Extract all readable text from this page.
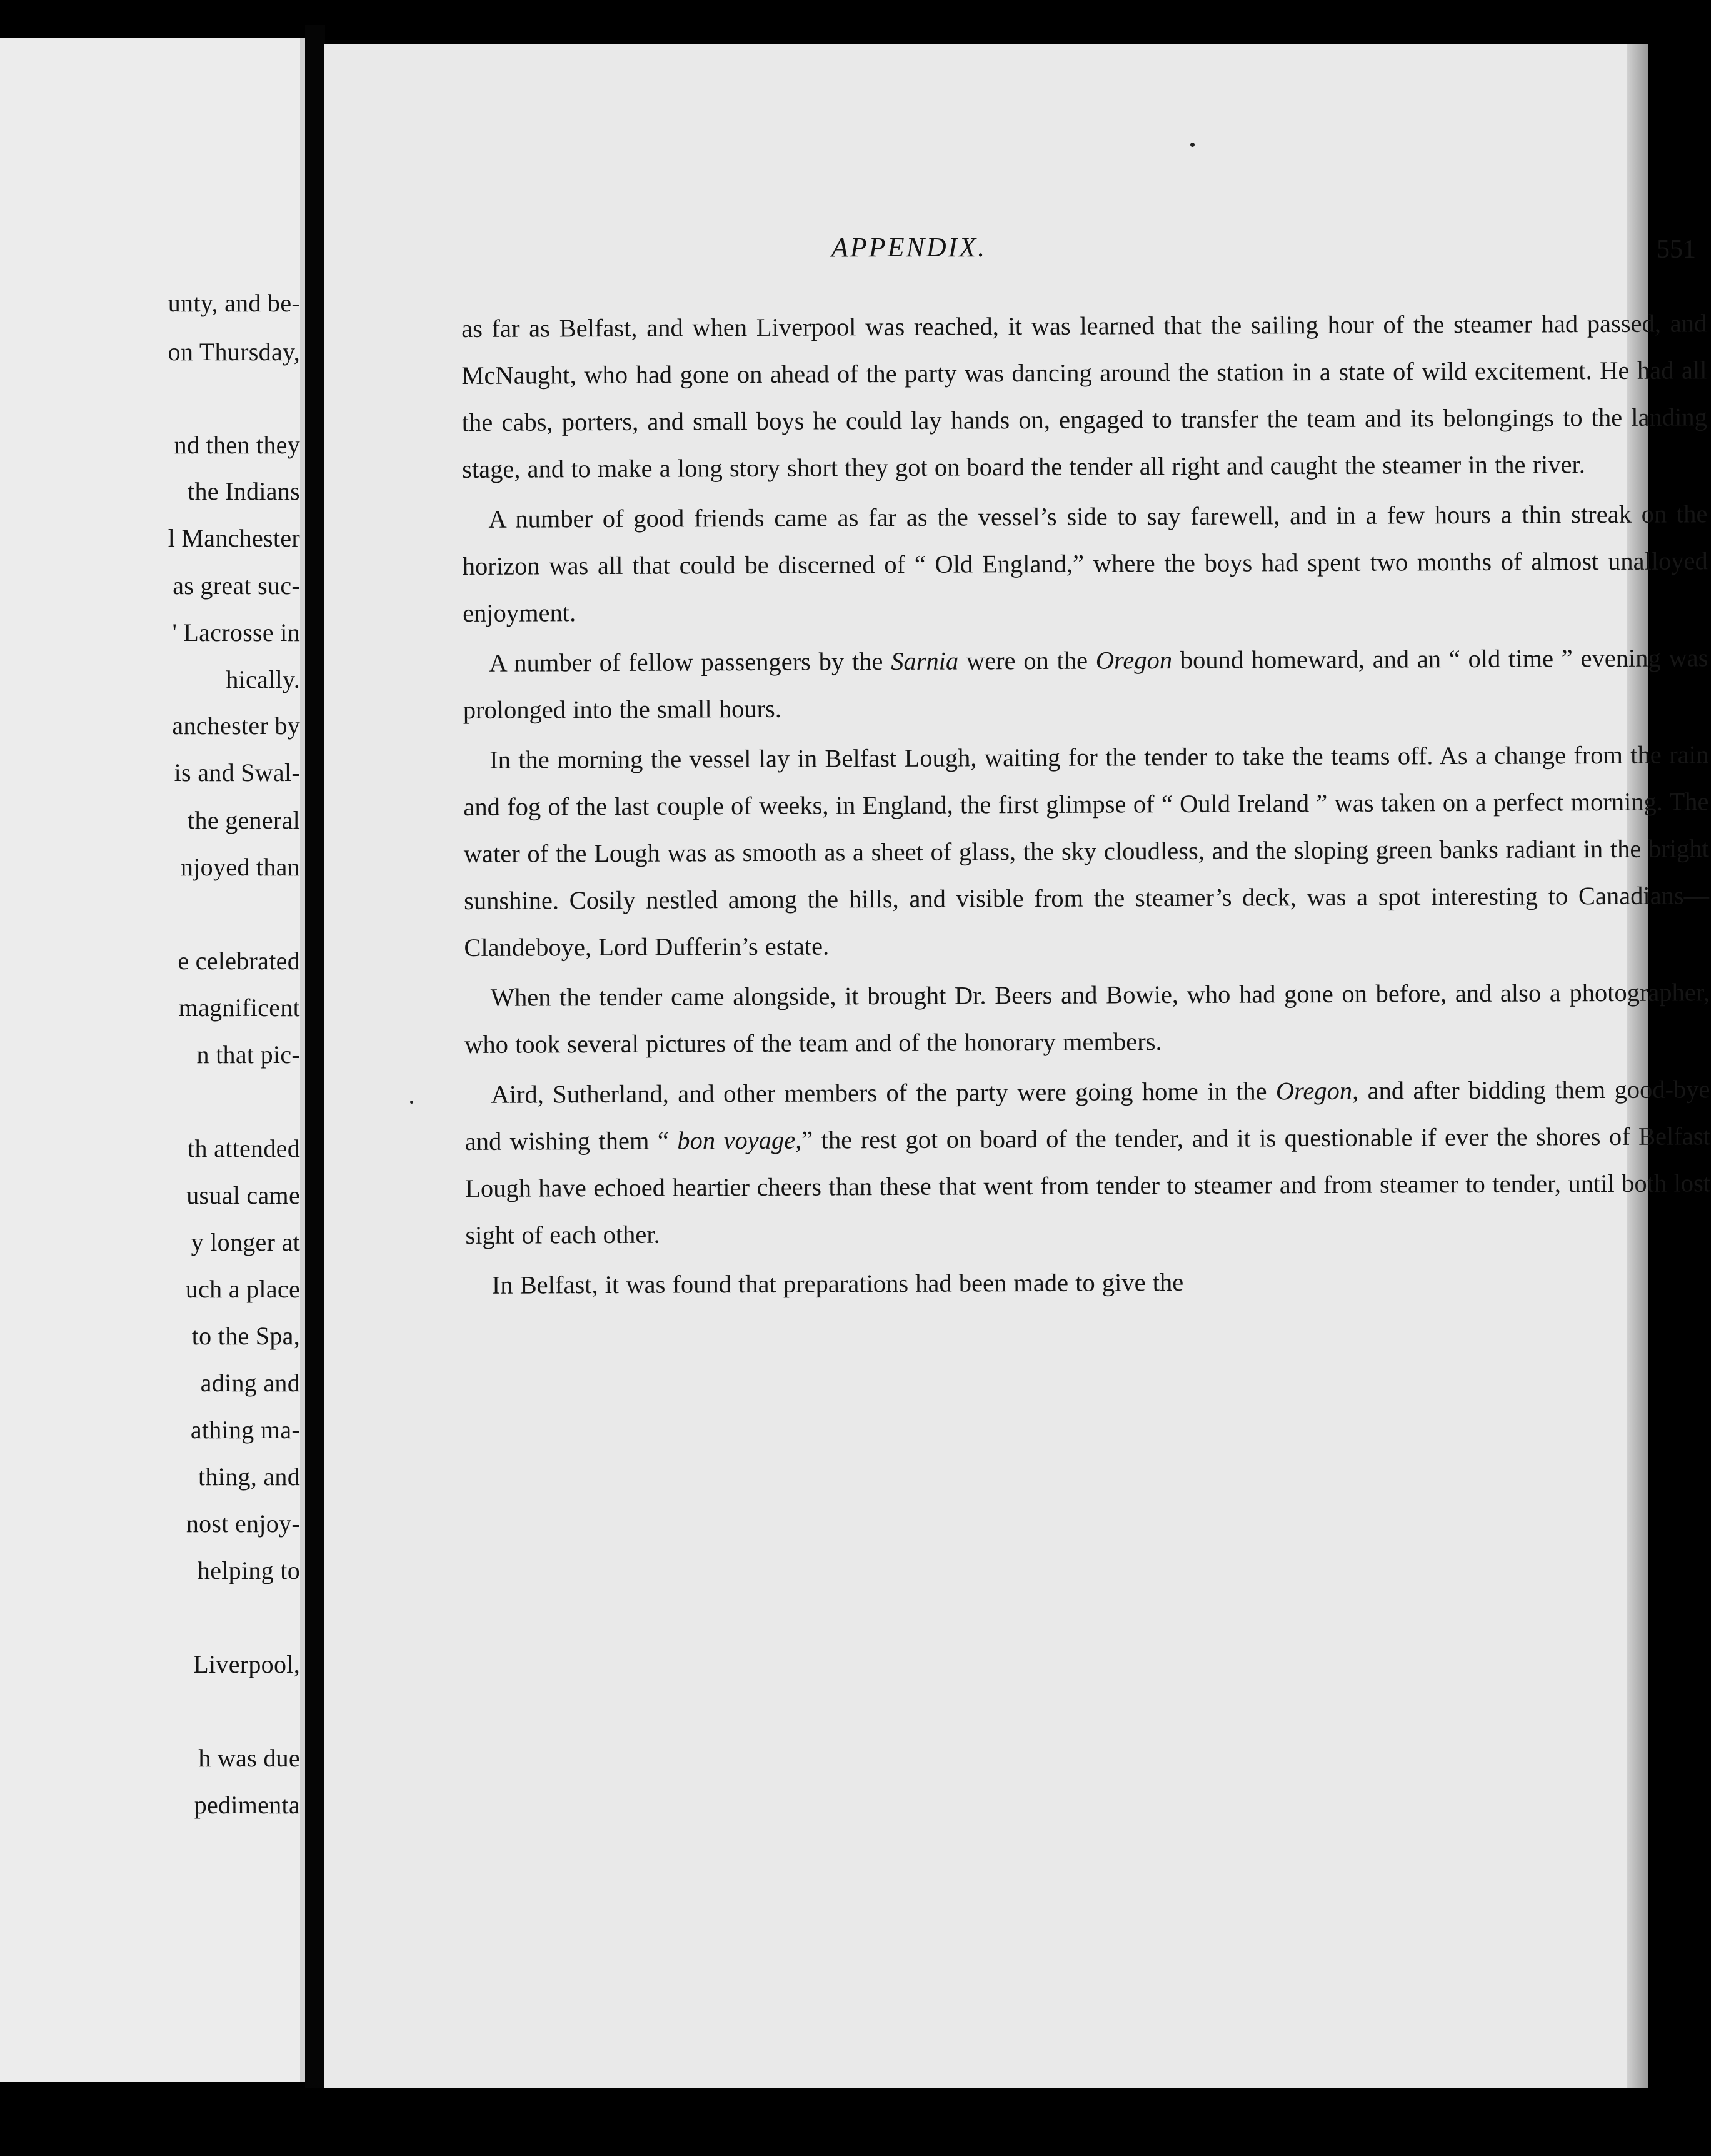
unty, and be-
on Thursday,
nd then they
the Indians
l Manchester
as great suc-
' Lacrosse in
hically.
anchester by
is and Swal-
the general
njoyed than
e celebrated
magnificent
n that pic-
th attended
usual came
y longer at
uch a place
to the Spa,
ading and
athing ma-
thing, and
nost enjoy-
helping to
Liverpool,
h was due
pedimenta
APPENDIX.	551

as far as Belfast, and when Liverpool was reached, it was learned that the sailing hour of the steamer had passed, and McNaught, who had gone on ahead of the party was dancing around the station in a state of wild excitement. He had all the cabs, porters, and small boys he could lay hands on, engaged to transfer the team and its belongings to the landing stage, and to make a long story short they got on board the tender all right and caught the steamer in the river.

A number of good friends came as far as the vessel’s side to say farewell, and in a few hours a thin streak on the horizon was all that could be discerned of “ Old England,” where the boys had spent two months of almost unalloyed enjoyment.

A number of fellow passengers by the Sarnia were on the Oregon bound homeward, and an “ old time ” evening was prolonged into the small hours.

In the morning the vessel lay in Belfast Lough, waiting for the tender to take the teams off. As a change from the rain and fog of the last couple of weeks, in England, the first glimpse of “ Ould Ireland ” was taken on a perfect morning. The water of the Lough was as smooth as a sheet of glass, the sky cloudless, and the sloping green banks radiant in the bright sunshine. Cosily nestled among the hills, and visible from the steamer’s deck, was a spot interesting to Canadians—Clandeboye, Lord Dufferin’s estate.

When the tender came alongside, it brought Dr. Beers and Bowie, who had gone on before, and also a photographer, who took several pictures of the team and of the honorary members.

Aird, Sutherland, and other members of the party were going home in the Oregon, and after bidding them good-bye and wishing them “ bon voyage,” the rest got on board of the tender, and it is questionable if ever the shores of Belfast Lough have echoed heartier cheers than these that went from tender to steamer and from steamer to tender, until both lost sight of each other.

In Belfast, it was found that preparations had been made to give the
